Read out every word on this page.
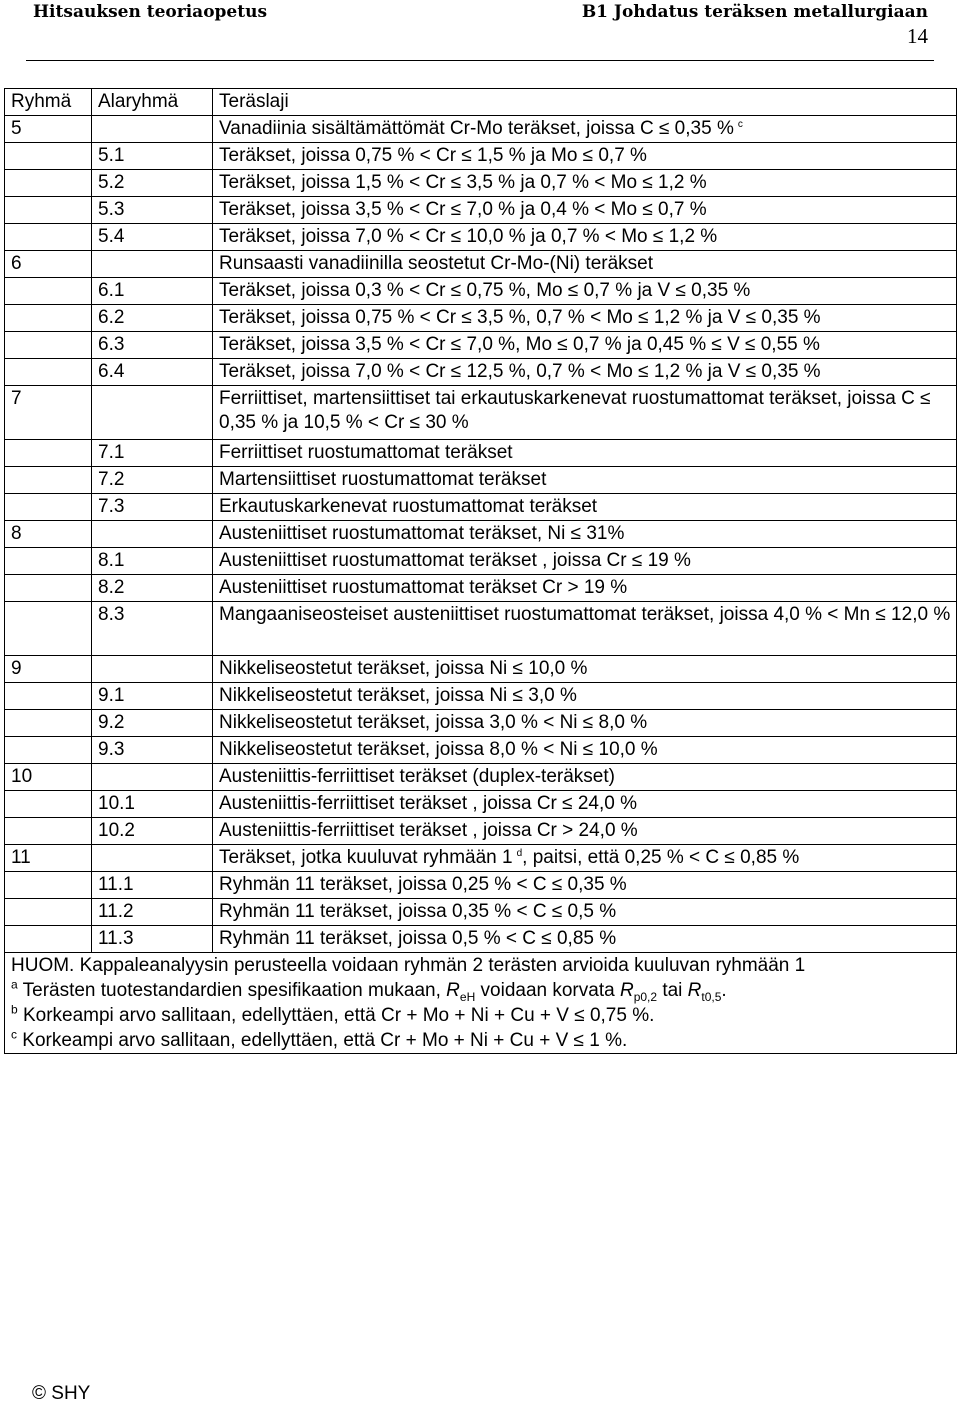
Hitsauksen teoriaopetus	B1 Johdatus teräksen metallurgiaan
14
Ryhmä	Alaryhmä	Teräslaji
5		Vanadiinia sisältämättömät Cr-Mo teräkset, joissa C ≤ 0,35 % $^c$
	5.1	Teräkset, joissa 0,75 % < Cr ≤ 1,5 % ja Mo ≤ 0,7 %
	5.2	Teräkset, joissa 1,5 % < Cr ≤ 3,5 % ja 0,7 % < Mo ≤ 1,2 %
	5.3	Teräkset, joissa 3,5 % < Cr ≤ 7,0 % ja 0,4 % < Mo ≤ 0,7 %
	5.4	Teräkset, joissa 7,0 % < Cr ≤ 10,0 % ja 0,7 % < Mo ≤ 1,2 %
6		Runsaasti vanadiinilla seostetut Cr-Mo-(Ni) teräkset
	6.1	Teräkset, joissa 0,3 % < Cr ≤ 0,75 %, Mo ≤ 0,7 % ja V ≤ 0,35 %
	6.2	Teräkset, joissa 0,75 % < Cr ≤ 3,5 %, 0,7 % < Mo ≤ 1,2 % ja V ≤ 0,35 %
	6.3	Teräkset, joissa 3,5 % < Cr ≤ 7,0 %, Mo ≤ 0,7 % ja 0,45 % ≤ V ≤ 0,55 %
	6.4	Teräkset, joissa 7,0 % < Cr ≤ 12,5 %, 0,7 % < Mo ≤ 1,2 % ja V ≤ 0,35 %
7		Ferriittiset, martensiittiset tai erkautuskarkenevat ruostumattomat teräkset, joissa C ≤ 0,35 % ja 10,5 % < Cr ≤ 30 %
	7.1	Ferriittiset ruostumattomat teräkset
	7.2	Martensiittiset ruostumattomat teräkset
	7.3	Erkautuskarkenevat ruostumattomat teräkset
8		Austeniittiset ruostumattomat teräkset, Ni ≤ 31%
	8.1	Austeniittiset ruostumattomat teräkset , joissa Cr ≤ 19 %
	8.2	Austeniittiset ruostumattomat teräkset Cr > 19 %
	8.3	Mangaaniseosteiset austeniittiset ruostumattomat teräkset, joissa 4,0 % < Mn ≤ 12,0 %
9		Nikkeliseostetut teräkset, joissa Ni ≤ 10,0 %
	9.1	Nikkeliseostetut teräkset, joissa Ni ≤ 3,0 %
	9.2	Nikkeliseostetut teräkset, joissa 3,0 % < Ni ≤ 8,0 %
	9.3	Nikkeliseostetut teräkset, joissa 8,0 % < Ni ≤ 10,0 %
10		Austeniittis-ferriittiset teräkset (duplex-teräkset)
	10.1	Austeniittis-ferriittiset teräkset , joissa Cr ≤ 24,0 %
	10.2	Austeniittis-ferriittiset teräkset , joissa Cr > 24,0 %
11		Teräkset, jotka kuuluvat ryhmään 1 $^d$, paitsi, että 0,25 % < C ≤ 0,85 %
	11.1	Ryhmän 11 teräkset, joissa 0,25 % < C ≤ 0,35 %
	11.2	Ryhmän 11 teräkset, joissa 0,35 % < C ≤ 0,5 %
	11.3	Ryhmän 11 teräkset, joissa 0,5 % < C ≤ 0,85 %

HUOM. Kappaleanalyysin perusteella voidaan ryhmän 2 terästen arvioida kuuluvan ryhmään 1
$^a$ Terästen tuotestandardien spesifikaation mukaan, $R_{eH}$ voidaan korvata $R_{p0,2}$ tai $R_{t0,5}$.
$^b$ Korkeampi arvo sallitaan, edellyttäen, että Cr + Mo + Ni + Cu + V ≤ 0,75 %.
$^c$ Korkeampi arvo sallitaan, edellyttäen, että Cr + Mo + Ni + Cu + V ≤ 1 %.		
© SHY
